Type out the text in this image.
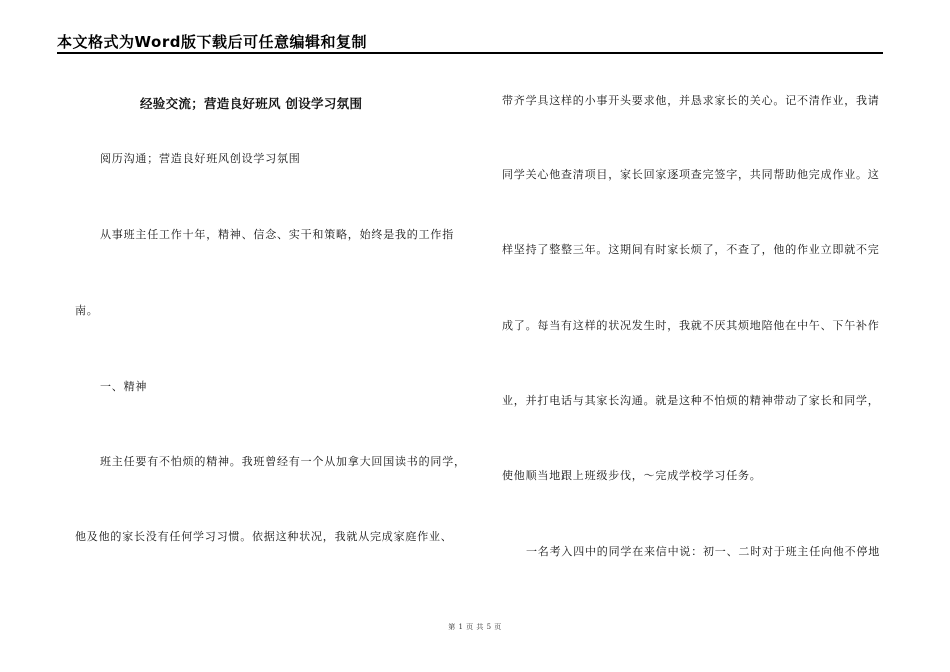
本文格式为Word版下载后可任意编辑和复制
经验交流；营造良好班风 创设学习氛围
阅历沟通；营造良好班风创设学习氛围
从事班主任工作十年，精神、信念、实干和策略，始终是我的工作指
南。
一、精神
班主任要有不怕烦的精神。我班曾经有一个从加拿大回国读书的同学，
他及他的家长没有任何学习习惯。依据这种状况，我就从完成家庭作业、
带齐学具这样的小事开头要求他，并恳求家长的关心。记不清作业，我请
同学关心他查清项目，家长回家逐项查完签字，共同帮助他完成作业。这
样坚持了整整三年。这期间有时家长烦了，不查了，他的作业立即就不完
成了。每当有这样的状况发生时，我就不厌其烦地陪他在中午、下午补作
业，并打电话与其家长沟通。就是这种不怕烦的精神带动了家长和同学，
使他顺当地跟上班级步伐，～完成学校学习任务。
一名考入四中的同学在来信中说：初一、二时对于班主任向他不停地
第 1 页 共 5 页
